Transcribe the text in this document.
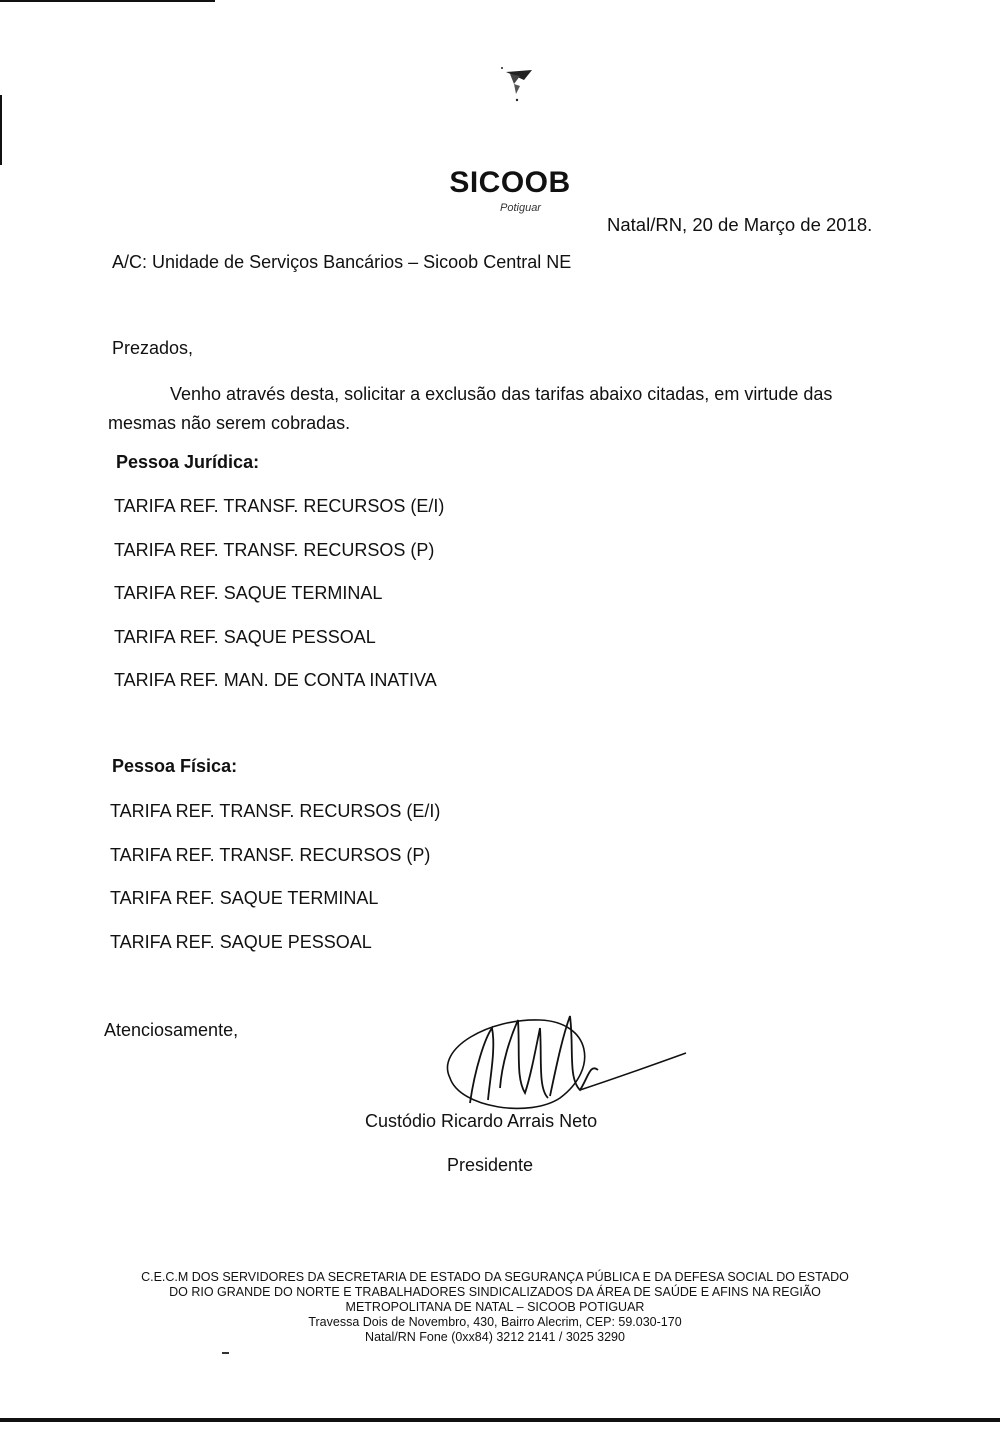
SICOOB
Potiguar
Natal/RN, 20 de Março de 2018.
A/C: Unidade de Serviços Bancários – Sicoob Central NE
Prezados,
Venho através desta, solicitar a exclusão das tarifas abaixo citadas, em virtude das mesmas não serem cobradas.
Pessoa Jurídica:
TARIFA REF. TRANSF. RECURSOS (E/I)
TARIFA REF. TRANSF. RECURSOS (P)
TARIFA REF. SAQUE TERMINAL
TARIFA REF. SAQUE PESSOAL
TARIFA REF. MAN. DE CONTA INATIVA
Pessoa Física:
TARIFA REF. TRANSF. RECURSOS (E/I)
TARIFA REF. TRANSF. RECURSOS (P)
TARIFA REF. SAQUE TERMINAL
TARIFA REF. SAQUE PESSOAL
Atenciosamente,
Custódio Ricardo Arrais Neto
Presidente
C.E.C.M DOS SERVIDORES DA SECRETARIA DE ESTADO DA SEGURANÇA PÚBLICA E DA DEFESA SOCIAL DO ESTADO
DO RIO GRANDE DO NORTE E TRABALHADORES SINDICALIZADOS DA ÁREA DE SAÚDE E AFINS NA REGIÃO
METROPOLITANA DE NATAL – SICOOB POTIGUAR
Travessa Dois de Novembro, 430, Bairro Alecrim, CEP: 59.030-170
Natal/RN Fone (0xx84) 3212 2141 / 3025 3290
